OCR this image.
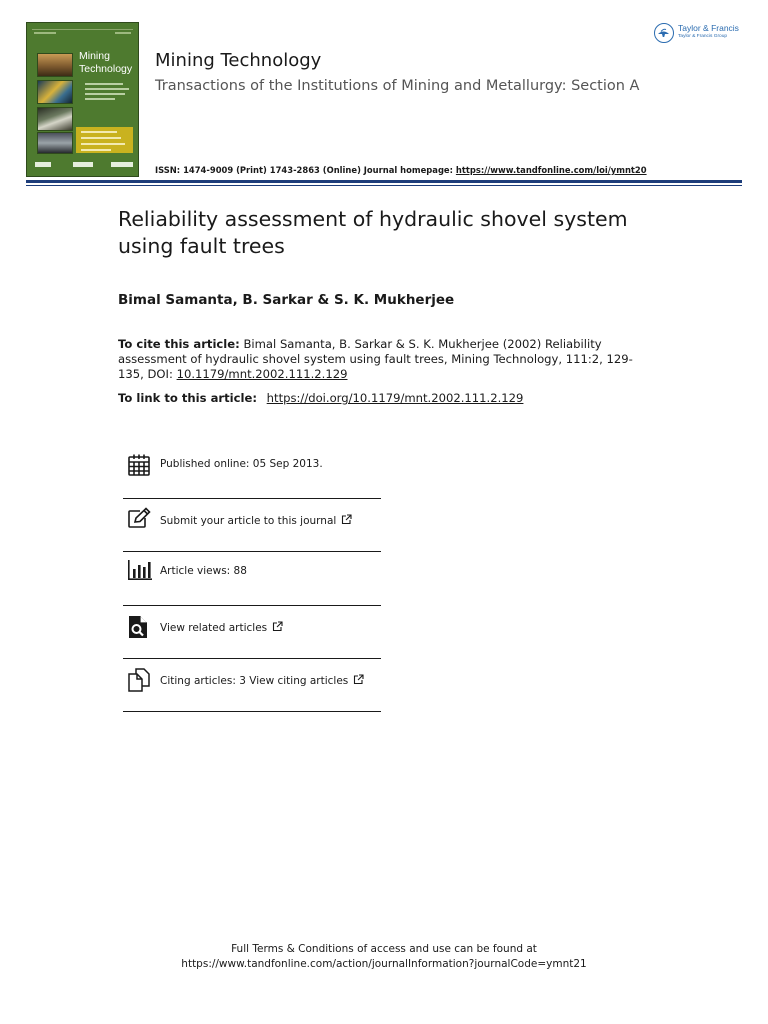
Mining
Technology Mining Technology
Transactions of the Institutions of Mining and Metallurgy: Section A
Taylor & Francis
Taylor & Francis Group
ISSN: 1474-9009 (Print) 1743-2863 (Online) Journal homepage: https://www.tandfonline.com/loi/ymnt20
Reliability assessment of hydraulic shovel system using fault trees
Bimal Samanta, B. Sarkar & S. K. Mukherjee
To cite this article: Bimal Samanta, B. Sarkar & S. K. Mukherjee (2002) Reliability assessment of hydraulic shovel system using fault trees, Mining Technology, 111:2, 129-135, DOI: 10.1179/mnt.2002.111.2.129
To link to this article: https://doi.org/10.1179/mnt.2002.111.2.129
Published online: 05 Sep 2013.
Submit your article to this journal
Article views: 88
View related articles
Citing articles: 3 View citing articles
Full Terms & Conditions of access and use can be found at
https://www.tandfonline.com/action/journalInformation?journalCode=ymnt21
